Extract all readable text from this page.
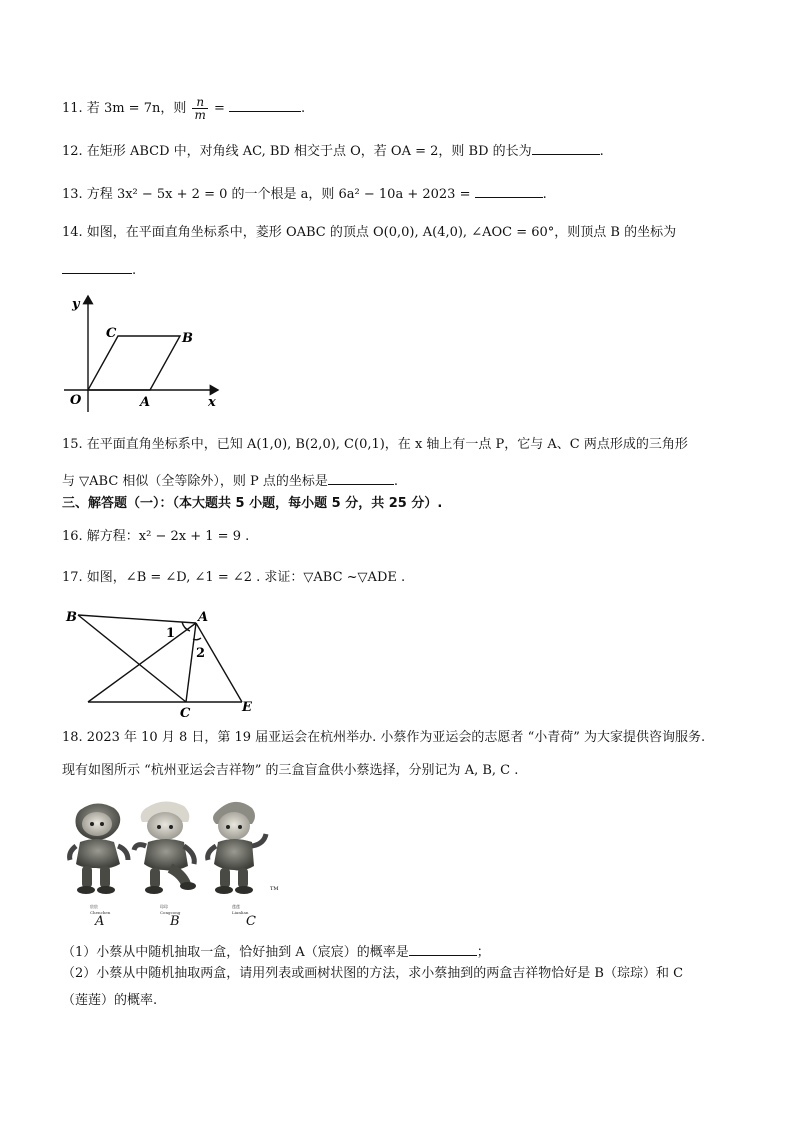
11. 若 3m = 7n，则 $\frac{n}{m}$ =	.
12. 在矩形 ABCD 中，对角线 AC, BD 相交于点 O，若 OA = 2，则 BD 的长为	.
13. 方程 3x² − 5x + 2 = 0 的一个根是 a，则 6a² − 10a + 2023 =	.
14. 如图，在平面直角坐标系中，菱形 OABC 的顶点 O(0,0), A(4,0), ∠AOC = 60°，则顶点 B 的坐标为
.
y
x
O	A
B
C
15. 在平面直角坐标系中，已知 A(1,0), B(2,0), C(0,1)，在 x 轴上有一点 P，它与 A、C 两点形成的三角形
与 ▽ABC 相似（全等除外），则 P 点的坐标是	.
三、解答题（一）：（本大题共 5 小题，每小题 5 分，共 25 分）.
16. 解方程：x² − 2x + 1 = 9 .
17. 如图，∠B = ∠D, ∠1 = ∠2 . 求证：▽ABC ~▽ADE .
B	A
C	E
1
2
18. 2023 年 10 月 8 日，第 19 届亚运会在杭州举办. 小蔡作为亚运会的志愿者 “小青荷” 为大家提供咨询服务.
现有如图所示 “杭州亚运会吉祥物” 的三盒盲盒供小蔡选择，分别记为 A, B, C .
TM
宸宸
Chenchen
琮琮
Congcong
莲莲
Lianlian
A	B	C
（1）小蔡从中随机抽取一盒，恰好抽到 A（宸宸）的概率是	；
（2）小蔡从中随机抽取两盒，请用列表或画树状图的方法，求小蔡抽到的两盒吉祥物恰好是 B（琮琮）和 C
（莲莲）的概率.
